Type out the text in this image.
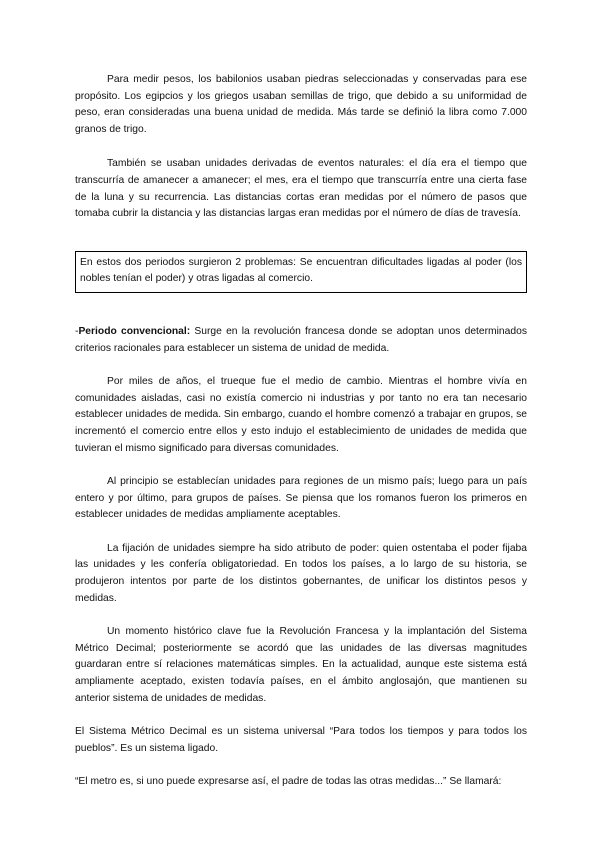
Para medir pesos, los babilonios usaban piedras seleccionadas y conservadas para ese propósito. Los egipcios y los griegos usaban semillas de trigo, que debido a su uniformidad de peso, eran consideradas una buena unidad de medida. Más tarde se definió la libra como 7.000 granos de trigo.

También se usaban unidades derivadas de eventos naturales: el día era el tiempo que transcurría de amanecer a amanecer; el mes, era el tiempo que transcurría entre una cierta fase de la luna y su recurrencia. Las distancias cortas eran medidas por el número de pasos que tomaba cubrir la distancia y las distancias largas eran medidas por el número de días de travesía.

En estos dos periodos surgieron 2 problemas: Se encuentran dificultades ligadas al poder (los nobles tenían el poder) y otras ligadas al comercio.

-Periodo convencional: Surge en la revolución francesa donde se adoptan unos determinados criterios racionales para establecer un sistema de unidad de medida.

Por miles de años, el trueque fue el medio de cambio. Mientras el hombre vivía en comunidades aisladas, casi no existía comercio ni industrias y por tanto no era tan necesario establecer unidades de medida. Sin embargo, cuando el hombre comenzó a trabajar en grupos, se incrementó el comercio entre ellos y esto indujo el establecimiento de unidades de medida que tuvieran el mismo significado para diversas comunidades.

Al principio se establecían unidades para regiones de un mismo país; luego para un país entero y por último, para grupos de países. Se piensa que los romanos fueron los primeros en establecer unidades de medidas ampliamente aceptables.

La fijación de unidades siempre ha sido atributo de poder: quien ostentaba el poder fijaba las unidades y les confería obligatoriedad. En todos los países, a lo largo de su historia, se produjeron intentos por parte de los distintos gobernantes, de unificar los distintos pesos y medidas.

Un momento histórico clave fue la Revolución Francesa y la implantación del Sistema Métrico Decimal; posteriormente se acordó que las unidades de las diversas magnitudes guardaran entre sí relaciones matemáticas simples. En la actualidad, aunque este sistema está ampliamente aceptado, existen todavía países, en el ámbito anglosajón, que mantienen su anterior sistema de unidades de medidas.

El Sistema Métrico Decimal es un sistema universal “Para todos los tiempos y para todos los pueblos”. Es un sistema ligado.

“El metro es, si uno puede expresarse así, el padre de todas las otras medidas...” Se llamará:
